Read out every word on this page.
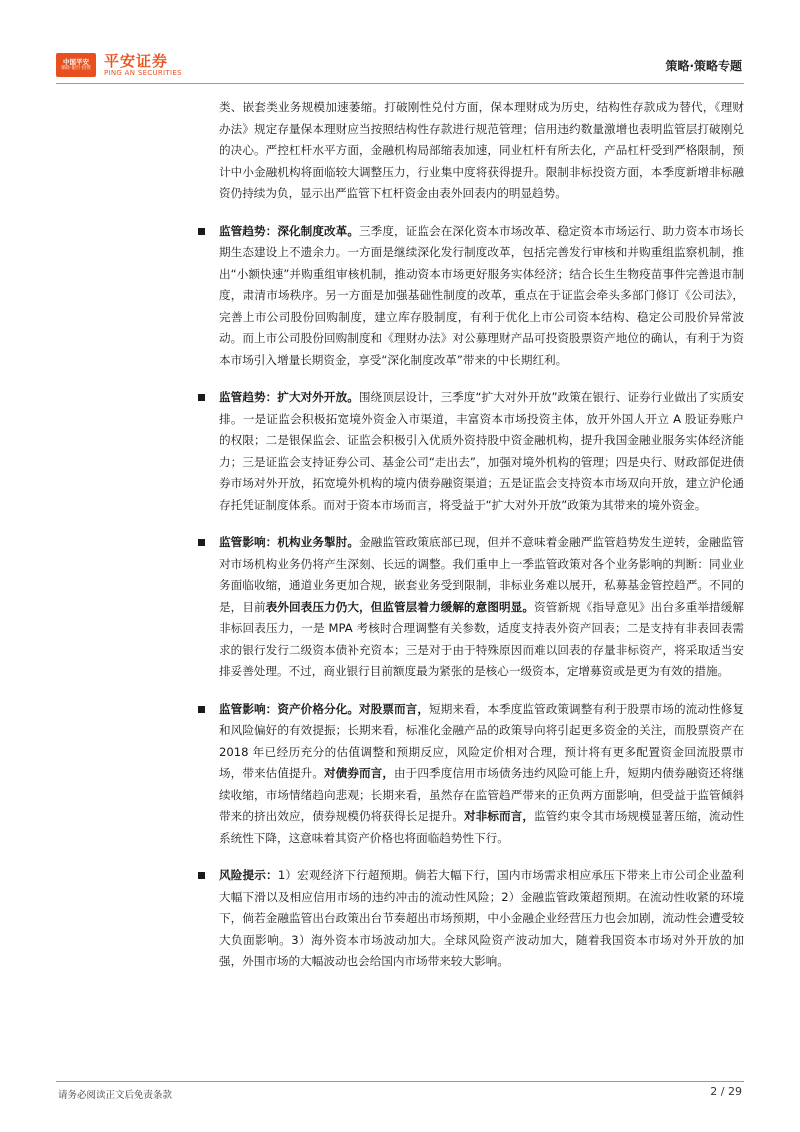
中国平安
保险·银行·投资 平安证券
PING AN SECURITIES	策略·策略专题

类、嵌套类业务规模加速萎缩。打破刚性兑付方面，保本理财成为历史，结构性存款成为替代，《理财办法》规定存量保本理财应当按照结构性存款进行规范管理；信用违约数量激增也表明监管层打破刚兑的决心。严控杠杆水平方面，金融机构局部缩表加速，同业杠杆有所去化，产品杠杆受到严格限制，预计中小金融机构将面临较大调整压力，行业集中度将获得提升。限制非标投资方面，本季度新增非标融资仍持续为负，显示出严监管下杠杆资金由表外回表内的明显趋势。

监管趋势：深化制度改革。三季度，证监会在深化资本市场改革、稳定资本市场运行、助力资本市场长期生态建设上不遗余力。一方面是继续深化发行制度改革，包括完善发行审核和并购重组监察机制，推出“小额快速”并购重组审核机制，推动资本市场更好服务实体经济；结合长生生物疫苗事件完善退市制度，肃清市场秩序。另一方面是加强基础性制度的改革，重点在于证监会牵头多部门修订《公司法》，完善上市公司股份回购制度，建立库存股制度，有利于优化上市公司资本结构、稳定公司股价异常波动。而上市公司股份回购制度和《理财办法》对公募理财产品可投资股票资产地位的确认，有利于为资本市场引入增量长期资金，享受“深化制度改革”带来的中长期红利。
监管趋势：扩大对外开放。围绕顶层设计，三季度“扩大对外开放”政策在银行、证券行业做出了实质安排。一是证监会积极拓宽境外资金入市渠道，丰富资本市场投资主体，放开外国人开立 A 股证券账户的权限；二是银保监会、证监会积极引入优质外资持股中资金融机构，提升我国金融业服务实体经济能力；三是证监会支持证券公司、基金公司“走出去”，加强对境外机构的管理；四是央行、财政部促进债券市场对外开放，拓宽境外机构的境内债券融资渠道；五是证监会支持资本市场双向开放，建立沪伦通存托凭证制度体系。而对于资本市场而言，将受益于“扩大对外开放”政策为其带来的境外资金。
监管影响：机构业务掣肘。金融监管政策底部已现，但并不意味着金融严监管趋势发生逆转，金融监管对市场机构业务仍将产生深刻、长远的调整。我们重申上一季监管政策对各个业务影响的判断：同业业务面临收缩，通道业务更加合规，嵌套业务受到限制，非标业务难以展开，私募基金管控趋严。不同的是，目前表外回表压力仍大，但监管层着力缓解的意图明显。资管新规《指导意见》出台多重举措缓解非标回表压力，一是 MPA 考核时合理调整有关参数，适度支持表外资产回表；二是支持有非表回表需求的银行发行二级资本债补充资本；三是对于由于特殊原因而难以回表的存量非标资产，将采取适当安排妥善处理。不过，商业银行目前额度最为紧张的是核心一级资本，定增募资或是更为有效的措施。
监管影响：资产价格分化。对股票而言，短期来看，本季度监管政策调整有利于股票市场的流动性修复和风险偏好的有效提振；长期来看，标准化金融产品的政策导向将引起更多资金的关注，而股票资产在 2018 年已经历充分的估值调整和预期反应，风险定价相对合理，预计将有更多配置资金回流股票市场，带来估值提升。对债券而言，由于四季度信用市场债务违约风险可能上升，短期内债券融资还将继续收缩，市场情绪趋向悲观；长期来看，虽然存在监管趋严带来的正负两方面影响，但受益于监管倾斜带来的挤出效应，债券规模仍将获得长足提升。对非标而言，监管约束令其市场规模显著压缩，流动性系统性下降，这意味着其资产价格也将面临趋势性下行。
风险提示：1）宏观经济下行超预期。倘若大幅下行，国内市场需求相应承压下带来上市公司企业盈利大幅下滑以及相应信用市场的违约冲击的流动性风险；2）金融监管政策超预期。在流动性收紧的环境下，倘若金融监管出台政策出台节奏超出市场预期，中小金融企业经营压力也会加剧，流动性会遭受较大负面影响。3）海外资本市场波动加大。全球风险资产波动加大，随着我国资本市场对外开放的加强，外围市场的大幅波动也会给国内市场带来较大影响。
请务必阅读正文后免责条款	2 / 29
